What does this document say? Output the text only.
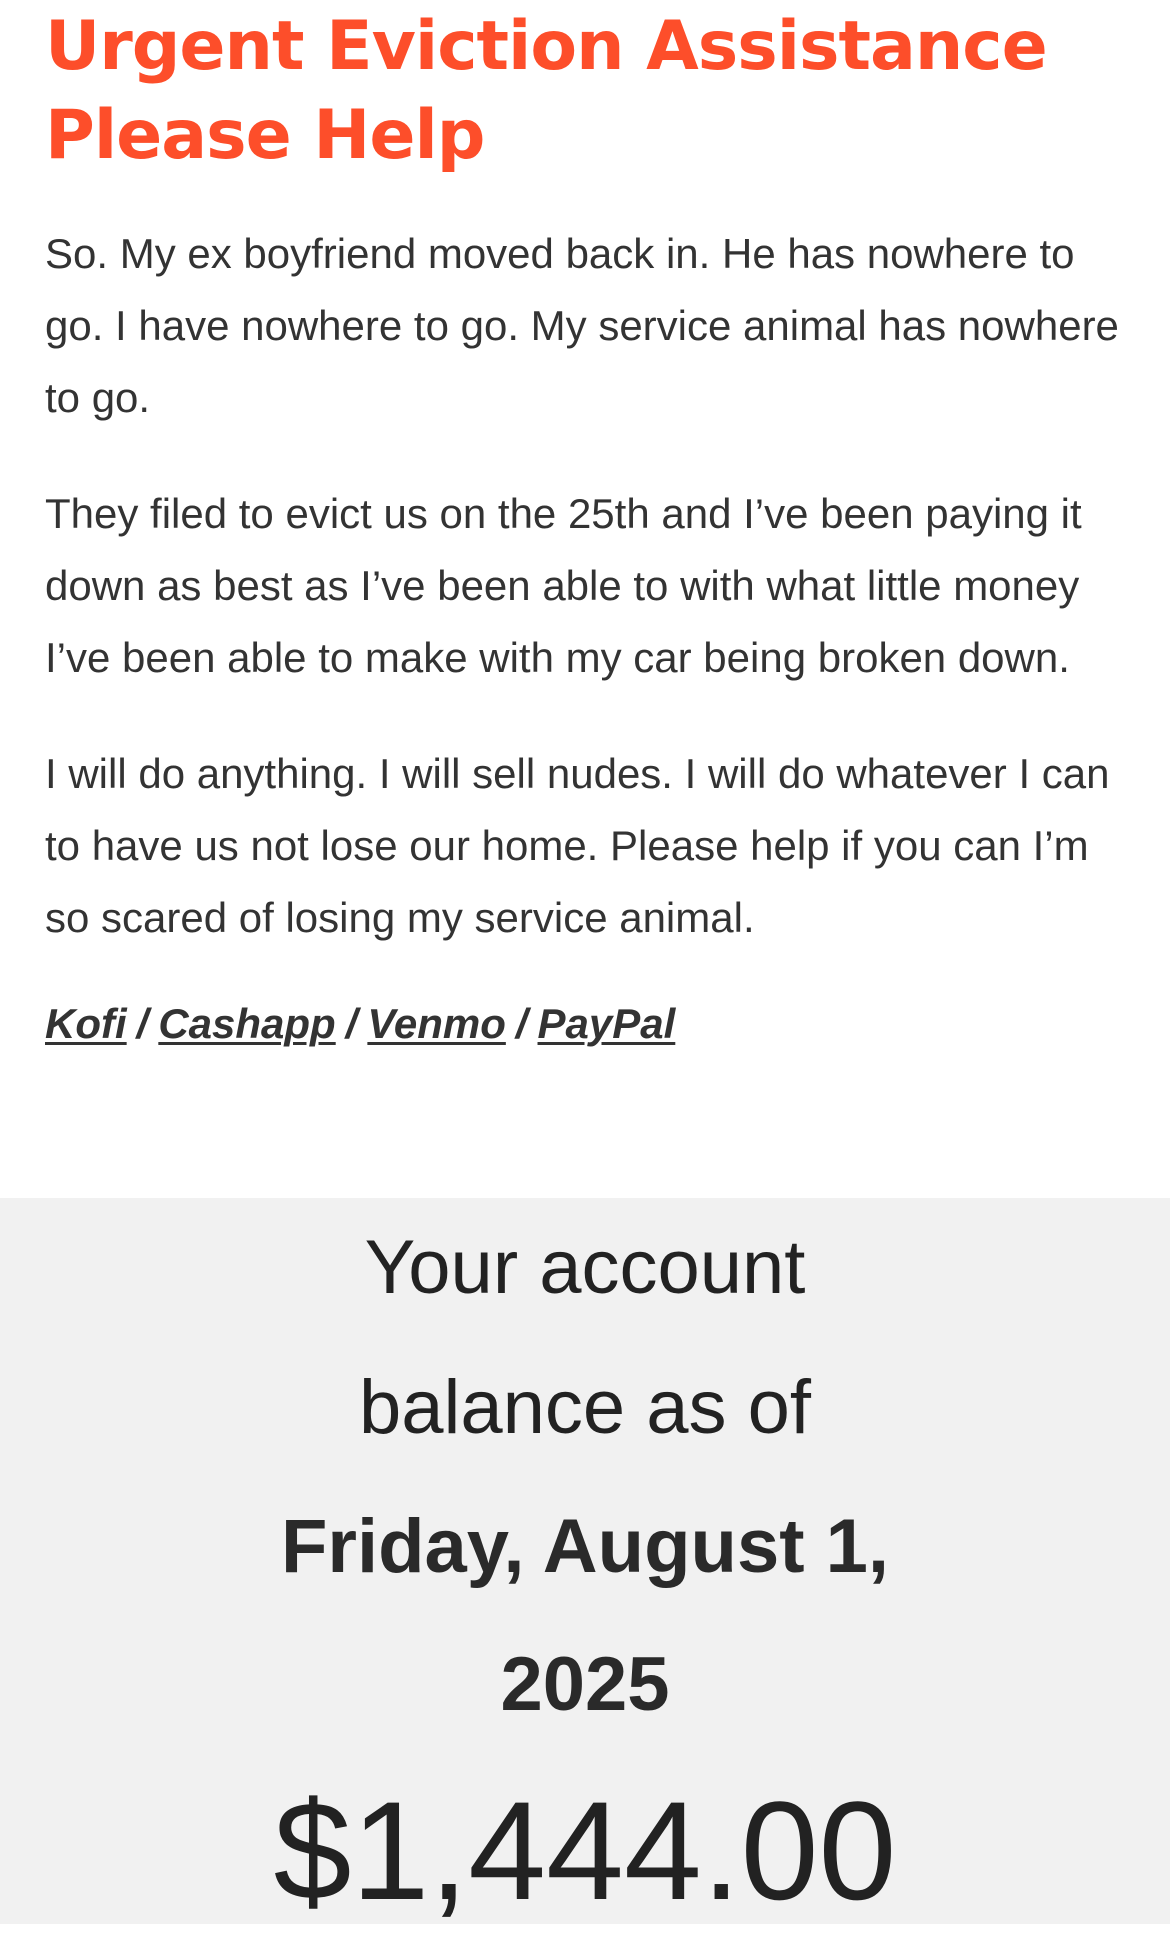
Urgent Eviction Assistance Please Help

So. My ex boyfriend moved back in. He has nowhere to go. I have nowhere to go. My service animal has nowhere to go.

They filed to evict us on the 25th and I’ve been paying it down as best as I’ve been able to with what little money I’ve been able to make with my car being broken down.

I will do anything. I will sell nudes. I will do whatever I can to have us not lose our home. Please help if you can I’m so scared of losing my service animal.

Kofi / Cashapp / Venmo / PayPal

Your account
balance as of

Friday, August 1,
2025

$1,444.00
